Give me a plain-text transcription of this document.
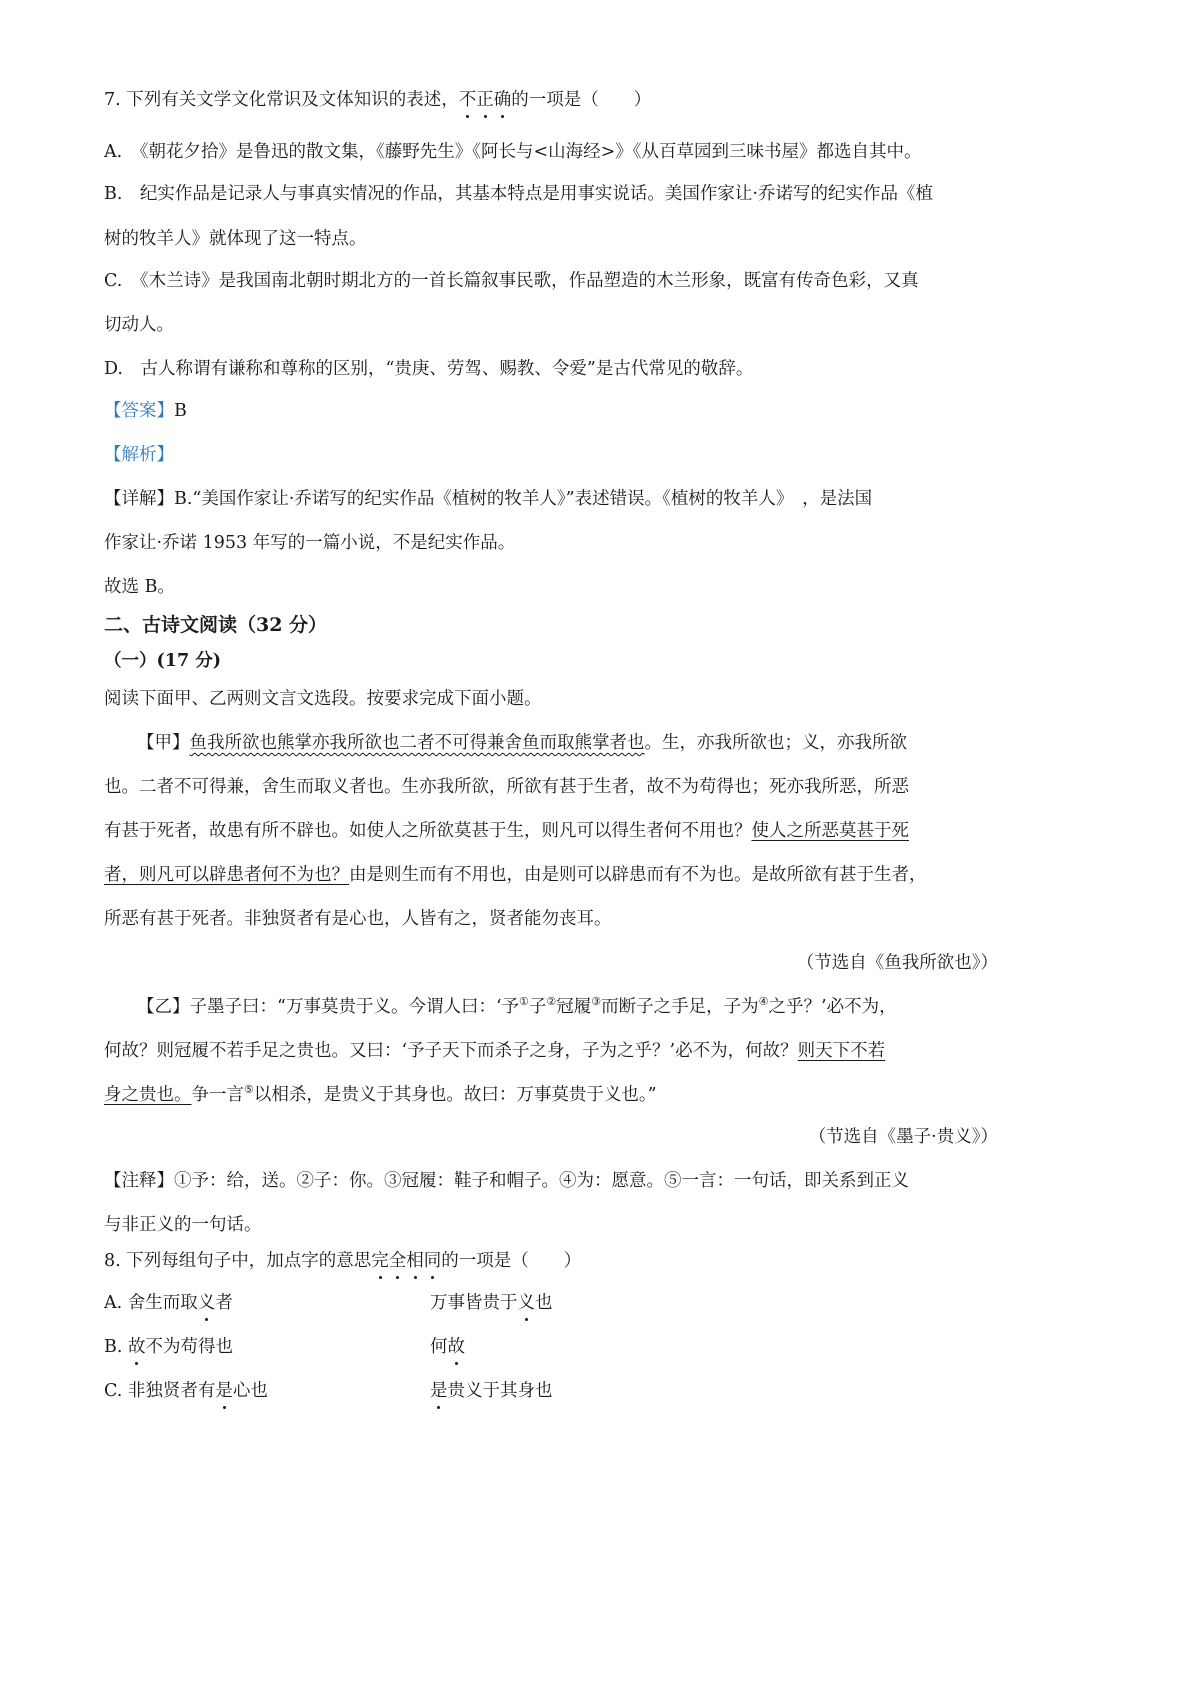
7. 下列有关文学文化常识及文体知识的表述，不正确的一项是（　　）
A.　《朝花夕拾》是鲁迅的散文集，《藤野先生》《阿长与<山海经>》《从百草园到三味书屋》都选自其中。
B.　纪实作品是记录人与事真实情况的作品，其基本特点是用事实说话。美国作家让·乔诺写的纪实作品《植
树的牧羊人》就体现了这一特点。
C.　《木兰诗》是我国南北朝时期北方的一首长篇叙事民歌，作品塑造的木兰形象，既富有传奇色彩，又真
切动人。
D.　古人称谓有谦称和尊称的区别，“贵庚、劳驾、赐教、令爱”是古代常见的敬辞。
【答案】B
【解析】
【详解】B.“美国作家让·乔诺写的纪实作品《植树的牧羊人》”表述错误。《植树的牧羊人》　，是法国
作家让·乔诺 1953 年写的一篇小说，不是纪实作品。
故选 B。
二、古诗文阅读（32 分）
（一）(17 分)
阅读下面甲、乙两则文言文选段。按要求完成下面小题。
【甲】鱼我所欲也熊掌亦我所欲也二者不可得兼舍鱼而取熊掌者也。生，亦我所欲也；义，亦我所欲
也。二者不可得兼，舍生而取义者也。生亦我所欲，所欲有甚于生者，故不为苟得也；死亦我所恶，所恶
有甚于死者，故患有所不辟也。如使人之所欲莫甚于生，则凡可以得生者何不用也？使人之所恶莫甚于死
者，则凡可以辟患者何不为也？由是则生而有不用也，由是则可以辟患而有不为也。是故所欲有甚于生者，
所恶有甚于死者。非独贤者有是心也，人皆有之，贤者能勿丧耳。
（节选自《鱼我所欲也》）
【乙】子墨子曰：“万事莫贵于义。今谓人曰：‘予①子②冠履③而断子之手足，子为④之乎？’必不为，
何故？则冠履不若手足之贵也。又曰：‘予子天下而杀子之身，子为之乎？’必不为，何故？则天下不若
身之贵也。争一言⑤以相杀，是贵义于其身也。故曰：万事莫贵于义也。”
（节选自《墨子·贵义》）
【注释】①予：给，送。②子：你。③冠履：鞋子和帽子。④为：愿意。⑤一言：一句话，即关系到正义
与非正义的一句话。
8. 下列每组句子中，加点字的意思完全相同的一项是（　　）
A. 舍生而取义者	万事皆贵于义也
B. 故不为苟得也	何故
C. 非独贤者有是心也	是贵义于其身也
